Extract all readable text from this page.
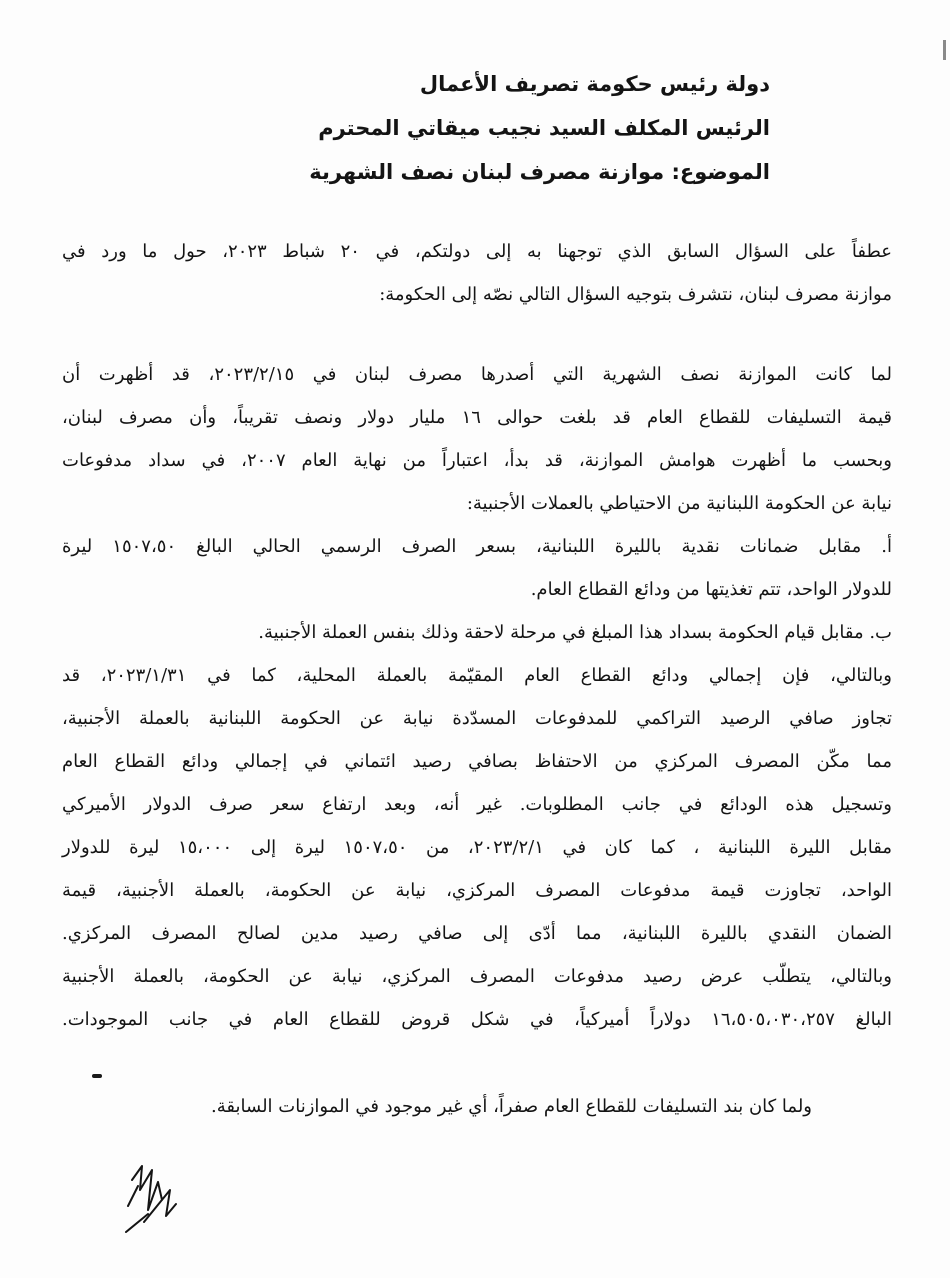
دولة رئيس حكومة تصريف الأعمال
الرئيس المكلف السيد نجيب ميقاتي المحترم
الموضوع: موازنة مصرف لبنان نصف الشهرية
عطفاً على السؤال السابق الذي توجهنا به إلى دولتكم، في ٢٠ شباط ٢٠٢٣، حول ما ورد في
موازنة مصرف لبنان، نتشرف بتوجيه السؤال التالي نصّه إلى الحكومة:
لما كانت الموازنة نصف الشهرية التي أصدرها مصرف لبنان في ٢٠٢٣/٢/١٥، قد أظهرت أن
قيمة التسليفات للقطاع العام قد بلغت حوالى ١٦ مليار دولار ونصف تقريباً، وأن مصرف لبنان،
وبحسب ما أظهرت هوامش الموازنة، قد بدأ، اعتباراً من نهاية العام ٢٠٠٧، في سداد مدفوعات
نيابة عن الحكومة اللبنانية من الاحتياطي بالعملات الأجنبية:
أ. مقابل ضمانات نقدية بالليرة اللبنانية، بسعر الصرف الرسمي الحالي البالغ ١٥٠٧،٥٠ ليرة
للدولار الواحد، تتم تغذيتها من ودائع القطاع العام.
ب. مقابل قيام الحكومة بسداد هذا المبلغ في مرحلة لاحقة وذلك بنفس العملة الأجنبية.
وبالتالي، فإن إجمالي ودائع القطاع العام المقيّمة بالعملة المحلية، كما في ٢٠٢٣/١/٣١، قد
تجاوز صافي الرصيد التراكمي للمدفوعات المسدّدة نيابة عن الحكومة اللبنانية بالعملة الأجنبية،
مما مكّن المصرف المركزي من الاحتفاظ بصافي رصيد ائتماني في إجمالي ودائع القطاع العام
وتسجيل هذه الودائع في جانب المطلوبات. غير أنه، وبعد ارتفاع سعر صرف الدولار الأميركي
مقابل الليرة اللبنانية ، كما كان في ٢٠٢٣/٢/١، من ١٥٠٧،٥٠ ليرة إلى ١٥،٠٠٠ ليرة للدولار
الواحد، تجاوزت قيمة مدفوعات المصرف المركزي، نيابة عن الحكومة، بالعملة الأجنبية، قيمة
الضمان النقدي بالليرة اللبنانية، مما أدّى إلى صافي رصيد مدين لصالح المصرف المركزي.
وبالتالي، يتطلّب عرض رصيد مدفوعات المصرف المركزي، نيابة عن الحكومة، بالعملة الأجنبية
البالغ ١٦،٥٠٥،٠٣٠،٢٥٧ دولاراً أميركياً، في شكل قروض للقطاع العام في جانب الموجودات.
ولما كان بند التسليفات للقطاع العام صفراً، أي غير موجود في الموازنات السابقة.
